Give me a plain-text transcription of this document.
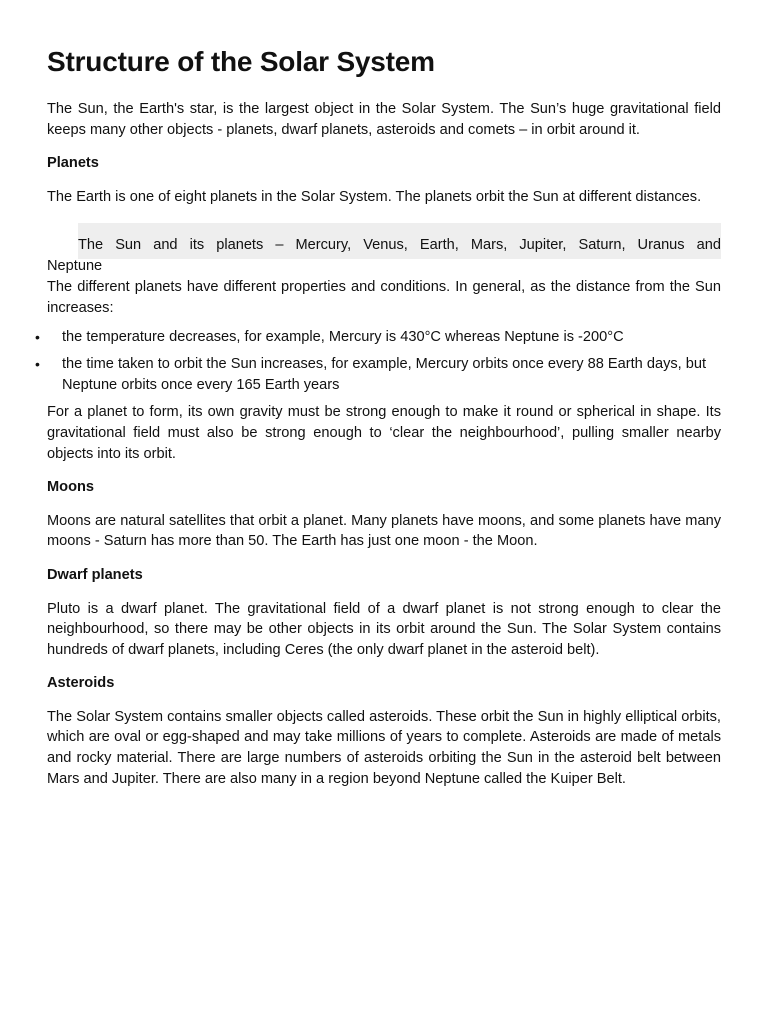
Structure of the Solar System

The Sun, the Earth's star, is the largest object in the Solar System. The Sun’s huge gravitational field keeps many other objects - planets, dwarf planets, asteroids and comets – in orbit around it.

Planets

The Earth is one of eight planets in the Solar System. The planets orbit the Sun at different distances.

The Sun and its planets – Mercury, Venus, Earth, Mars, Jupiter, Saturn, Uranus and
Neptune

The different planets have different properties and conditions. In general, as the distance from the Sun increases:

• the temperature decreases, for example, Mercury is 430°C whereas Neptune is -200°C
• the time taken to orbit the Sun increases, for example, Mercury orbits once every 88 Earth days, but Neptune orbits once every 165 Earth years

For a planet to form, its own gravity must be strong enough to make it round or spherical in shape. Its gravitational field must also be strong enough to ‘clear the neighbourhood’, pulling smaller nearby objects into its orbit.

Moons

Moons are natural satellites that orbit a planet. Many planets have moons, and some planets have many moons - Saturn has more than 50. The Earth has just one moon - the Moon.

Dwarf planets

Pluto is a dwarf planet. The gravitational field of a dwarf planet is not strong enough to clear the neighbourhood, so there may be other objects in its orbit around the Sun. The Solar System contains hundreds of dwarf planets, including Ceres (the only dwarf planet in the asteroid belt).

Asteroids

The Solar System contains smaller objects called asteroids. These orbit the Sun in highly elliptical orbits, which are oval or egg-shaped and may take millions of years to complete. Asteroids are made of metals and rocky material. There are large numbers of asteroids orbiting the Sun in the asteroid belt between Mars and Jupiter. There are also many in a region beyond Neptune called the Kuiper Belt.
